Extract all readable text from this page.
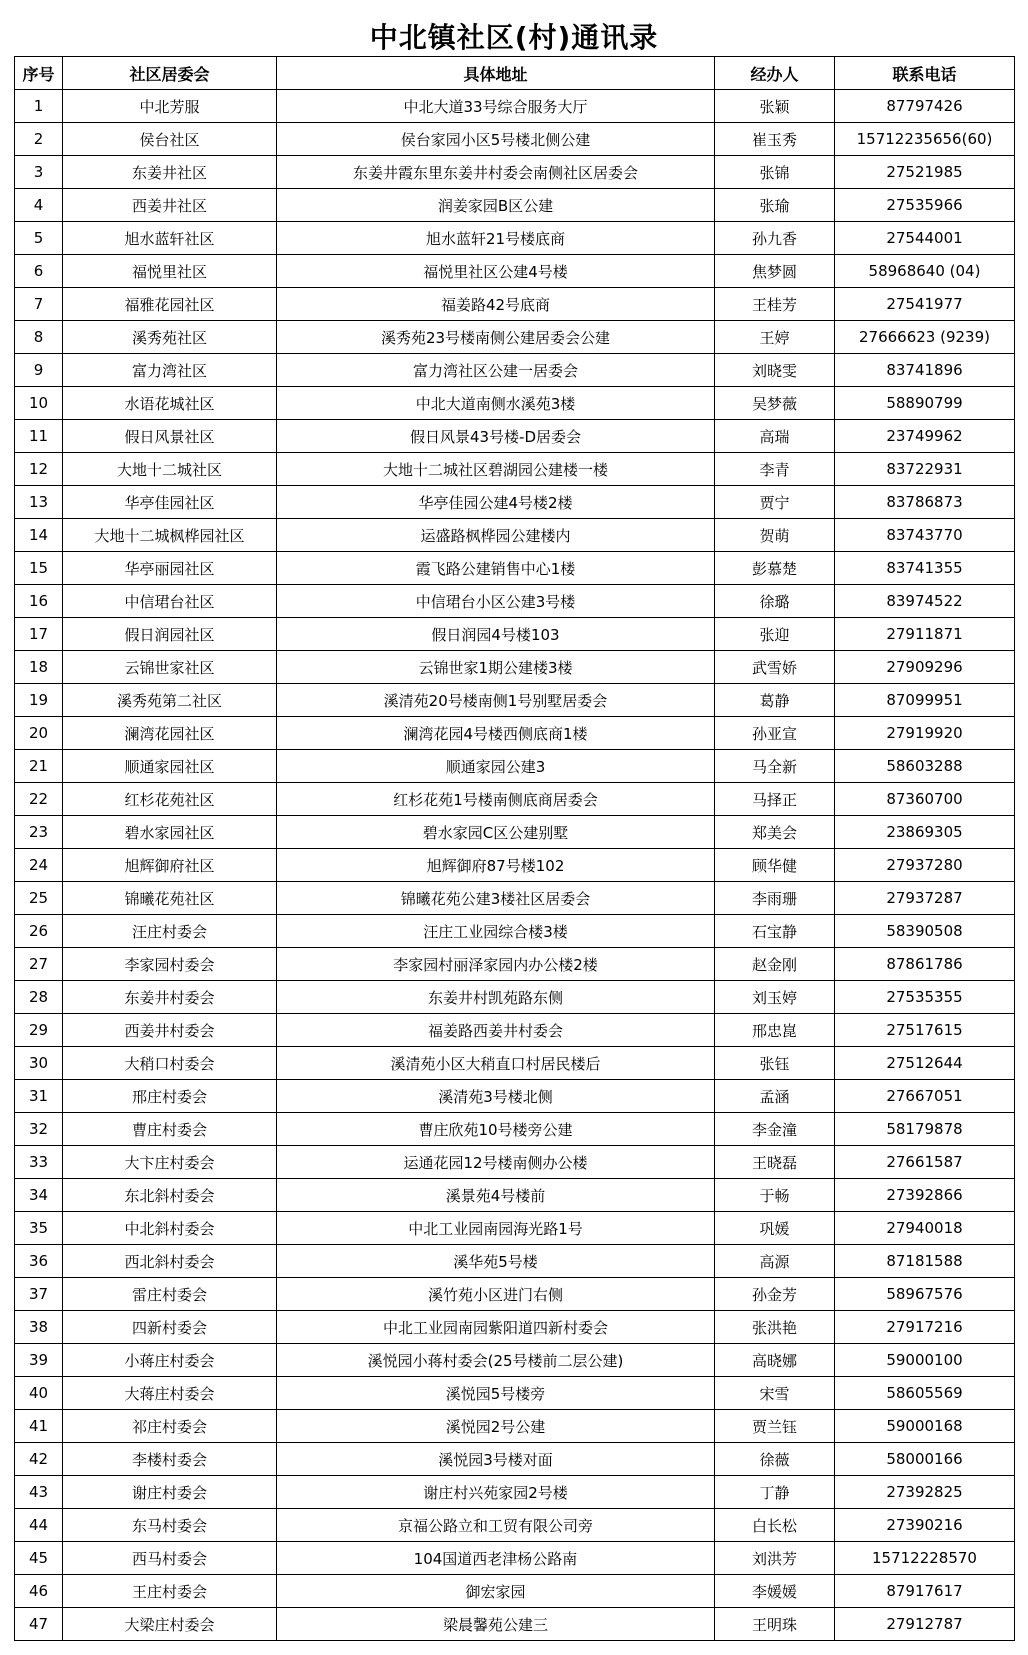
中北镇社区(村)通讯录
序号	社区居委会	具体地址	经办人	联系电话
1	中北芳服	中北大道33号综合服务大厅	张颖	87797426
2	侯台社区	侯台家园小区5号楼北侧公建	崔玉秀	15712235656(60)
3	东姜井社区	东姜井霞东里东姜井村委会南侧社区居委会	张锦	27521985
4	西姜井社区	润姜家园B区公建	张瑜	27535966
5	旭水蓝轩社区	旭水蓝轩21号楼底商	孙九香	27544001
6	福悦里社区	福悦里社区公建4号楼	焦梦圆	58968640 (04)
7	福雅花园社区	福姜路42号底商	王桂芳	27541977
8	溪秀苑社区	溪秀苑23号楼南侧公建居委会公建	王婷	27666623 (9239)
9	富力湾社区	富力湾社区公建一居委会	刘晓雯	83741896
10	水语花城社区	中北大道南侧水溪苑3楼	吴梦薇	58890799
11	假日风景社区	假日风景43号楼-D居委会	高瑞	23749962
12	大地十二城社区	大地十二城社区碧湖园公建楼一楼	李青	83722931
13	华亭佳园社区	华亭佳园公建4号楼2楼	贾宁	83786873
14	大地十二城枫桦园社区	运盛路枫桦园公建楼内	贺萌	83743770
15	华亭丽园社区	霞飞路公建销售中心1楼	彭慕楚	83741355
16	中信珺台社区	中信珺台小区公建3号楼	徐璐	83974522
17	假日润园社区	假日润园4号楼103	张迎	27911871
18	云锦世家社区	云锦世家1期公建楼3楼	武雪娇	27909296
19	溪秀苑第二社区	溪清苑20号楼南侧1号别墅居委会	葛静	87099951
20	澜湾花园社区	澜湾花园4号楼西侧底商1楼	孙亚宣	27919920
21	顺通家园社区	顺通家园公建3	马全新	58603288
22	红杉花苑社区	红杉花苑1号楼南侧底商居委会	马择正	87360700
23	碧水家园社区	碧水家园C区公建别墅	郑美会	23869305
24	旭辉御府社区	旭辉御府87号楼102	顾华健	27937280
25	锦曦花苑社区	锦曦花苑公建3楼社区居委会	李雨珊	27937287
26	汪庄村委会	汪庄工业园综合楼3楼	石宝静	58390508
27	李家园村委会	李家园村丽泽家园内办公楼2楼	赵金刚	87861786
28	东姜井村委会	东姜井村凯苑路东侧	刘玉婷	27535355
29	西姜井村委会	福姜路西姜井村委会	邢忠崑	27517615
30	大稍口村委会	溪清苑小区大稍直口村居民楼后	张钰	27512644
31	邢庄村委会	溪清苑3号楼北侧	孟涵	27667051
32	曹庄村委会	曹庄欣苑10号楼旁公建	李金潼	58179878
33	大卞庄村委会	运通花园12号楼南侧办公楼	王晓磊	27661587
34	东北斜村委会	溪景苑4号楼前	于畅	27392866
35	中北斜村委会	中北工业园南园海光路1号	巩媛	27940018
36	西北斜村委会	溪华苑5号楼	高源	87181588
37	雷庄村委会	溪竹苑小区进门右侧	孙金芳	58967576
38	四新村委会	中北工业园南园紫阳道四新村委会	张洪艳	27917216
39	小蒋庄村委会	溪悦园小蒋村委会(25号楼前二层公建)	高晓娜	59000100
40	大蒋庄村委会	溪悦园5号楼旁	宋雪	58605569
41	祁庄村委会	溪悦园2号公建	贾兰钰	59000168
42	李楼村委会	溪悦园3号楼对面	徐薇	58000166
43	谢庄村委会	谢庄村兴苑家园2号楼	丁静	27392825
44	东马村委会	京福公路立和工贸有限公司旁	白长松	27390216
45	西马村委会	104国道西老津杨公路南	刘洪芳	15712228570
46	王庄村委会	御宏家园	李媛媛	87917617
47	大梁庄村委会	梁晨馨苑公建三	王明珠	27912787
